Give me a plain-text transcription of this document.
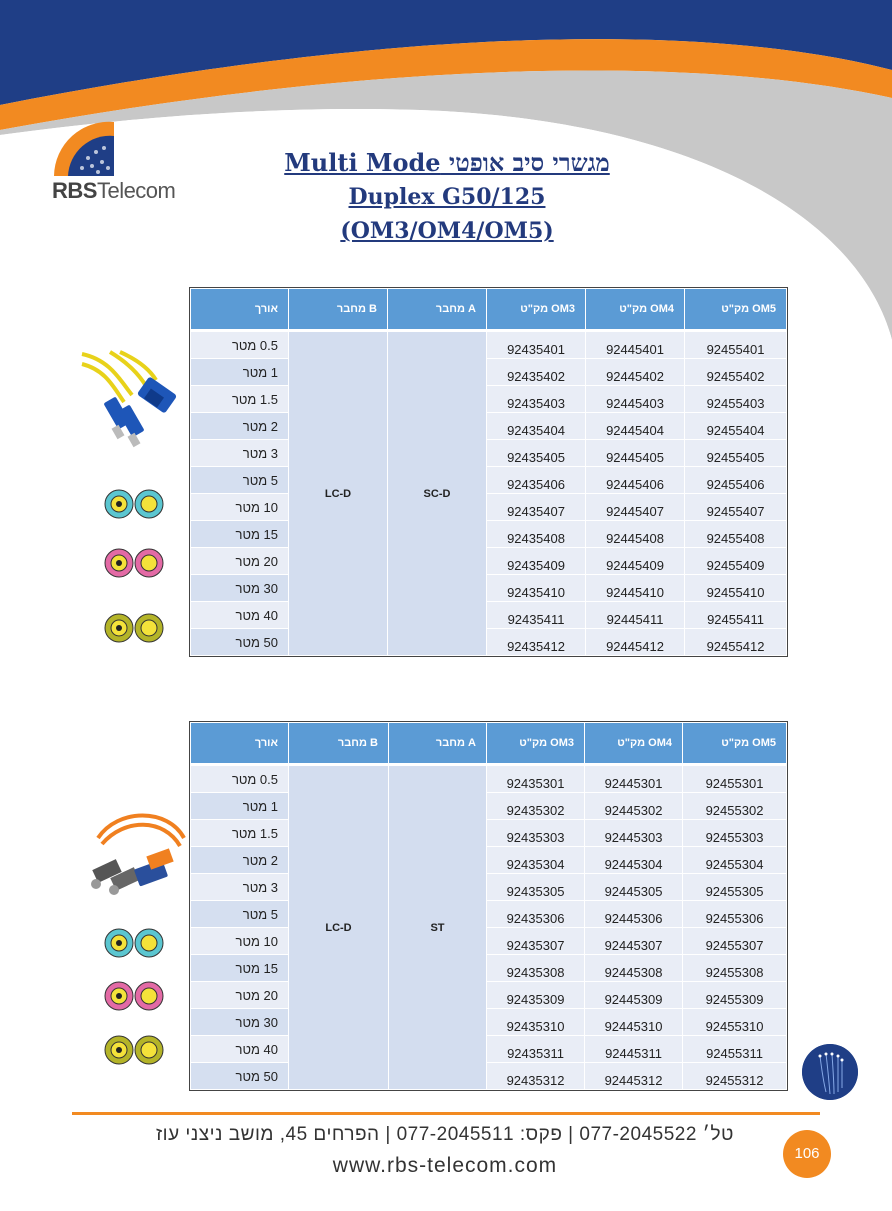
RBSTelecom
מגשרי סיב אופטי Multi Mode
Duplex G50/125
(OM3/OM4/OM5)
אורך	מחבר B	מחבר A	מק"ט OM3	מק"ט OM4	מק"ט OM5
0.5 מטר	LC-D	SC-D	92435401	92445401	92455401
1 מטר			92435402	92445402	92455402
1.5 מטר			92435403	92445403	92455403
2 מטר			92435404	92445404	92455404
3 מטר			92435405	92445405	92455405
5 מטר			92435406	92445406	92455406
10 מטר			92435407	92445407	92455407
15 מטר			92435408	92445408	92455408
20 מטר			92435409	92445409	92455409
30 מטר			92435410	92445410	92455410
40 מטר			92435411	92445411	92455411
50 מטר			92435412	92445412	92455412
אורך	מחבר B	מחבר A	מק"ט OM3	מק"ט OM4	מק"ט OM5
0.5 מטר	LC-D	ST	92435301	92445301	92455301
1 מטר			92435302	92445302	92455302
1.5 מטר			92435303	92445303	92455303
2 מטר			92435304	92445304	92455304
3 מטר			92435305	92445305	92455305
5 מטר			92435306	92445306	92455306
10 מטר			92435307	92445307	92455307
15 מטר			92435308	92445308	92455308
20 מטר			92435309	92445309	92455309
30 מטר			92435310	92445310	92455310
40 מטר			92435311	92445311	92455311
50 מטר			92435312	92445312	92455312
טל׳ 077-2045522 | פקס: 077-2045511 | הפרחים 45, מושב ניצני עוז
www.rbs-telecom.com
106
